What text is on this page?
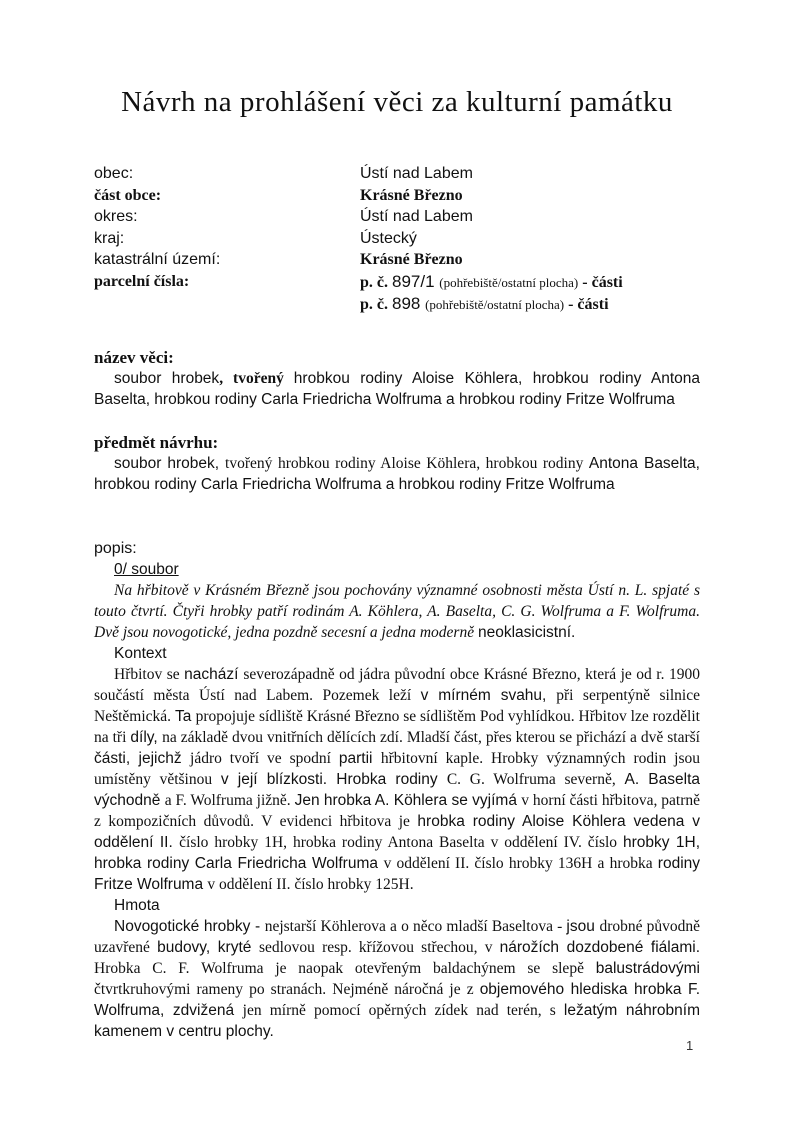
Návrh na prohlášení věci za kulturní památku
obec:	Ústí nad Labem
část obce:	Krásné Březno
okres:	Ústí nad Labem
kraj:	Ústecký
katastrální území:	Krásné Březno
parcelní čísla:	p. č. 897/1 (pohřebiště/ostatní plocha) - části
p. č. 898 (pohřebiště/ostatní plocha) - části

název věci:

soubor hrobek, tvořený hrobkou rodiny Aloise Köhlera, hrobkou rodiny Antona Baselta, hrobkou rodiny Carla Friedricha Wolfruma a hrobkou rodiny Fritze Wolfruma

předmět návrhu:

soubor hrobek, tvořený hrobkou rodiny Aloise Köhlera, hrobkou rodiny Antona Baselta, hrobkou rodiny Carla Friedricha Wolfruma a hrobkou rodiny Fritze Wolfruma

popis:

0/ soubor

Na hřbitově v Krásném Březně jsou pochovány významné osobnosti města Ústí n. L. spjaté s touto čtvrtí. Čtyři hrobky patří rodinám A. Köhlera, A. Baselta, C. G. Wolfruma a F. Wolfruma. Dvě jsou novogotické, jedna pozdně secesní a jedna moderně neoklasicistní.

Kontext

Hřbitov se nachází severozápadně od jádra původní obce Krásné Březno, která je od r. 1900 součástí města Ústí nad Labem. Pozemek leží v mírném svahu, při serpentýně silnice Neštěmická. Ta propojuje sídliště Krásné Březno se sídlištěm Pod vyhlídkou. Hřbitov lze rozdělit na tři díly, na základě dvou vnitřních dělících zdí. Mladší část, přes kterou se přichází a dvě starší části, jejichž jádro tvoří ve spodní partii hřbitovní kaple. Hrobky významných rodin jsou umístěny většinou v její blízkosti. Hrobka rodiny C. G. Wolfruma severně, A. Baselta východně a F. Wolfruma jižně. Jen hrobka A. Köhlera se vyjímá v horní části hřbitova, patrně z kompozičních důvodů. V evidenci hřbitova je hrobka rodiny Aloise Köhlera vedena v oddělení II. číslo hrobky 1H, hrobka rodiny Antona Baselta v oddělení IV. číslo hrobky 1H, hrobka rodiny Carla Friedricha Wolfruma v oddělení II. číslo hrobky 136H a hrobka rodiny Fritze Wolfruma v oddělení II. číslo hrobky 125H.

Hmota

Novogotické hrobky - nejstarší Köhlerova a o něco mladší Baseltova - jsou drobné původně uzavřené budovy, kryté sedlovou resp. křížovou střechou, v nárožích dozdobené fiálami. Hrobka C. F. Wolfruma je naopak otevřeným baldachýnem se slepě balustrádovými čtvrtkruhovými rameny po stranách. Nejméně náročná je z objemového hlediska hrobka F. Wolfruma, zdvižená jen mírně pomocí opěrných zídek nad terén, s ležatým náhrobním kamenem v centru plochy.

1
